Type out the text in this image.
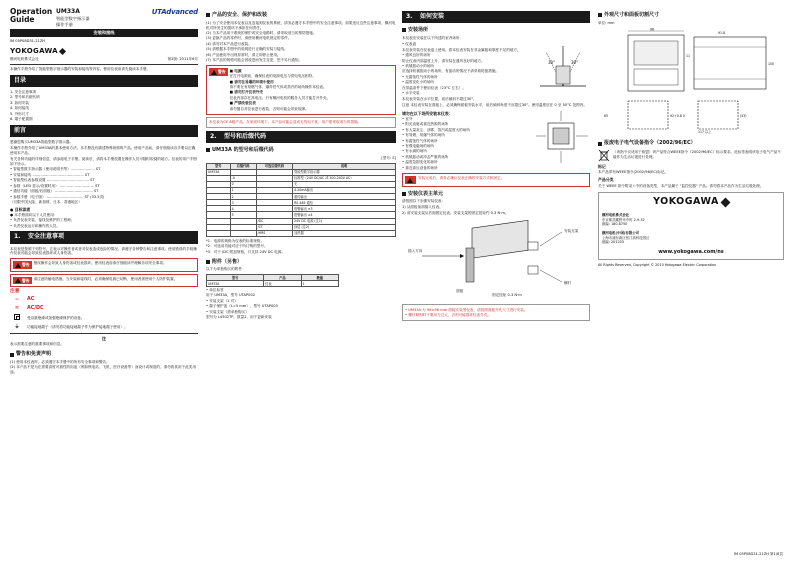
Operation Guide
UM33A
智能型数字指示器
操作手册
UTAdvanced
安装和接线
IM 05P08D31-21ZH
YOKOGAWA
横河电机株式会社	第2版: 2011年6月
本操作手册介绍了智能型数字指示器的安装和接线等内容。使用仪表前请先阅读本手册。
目录
1. 安全注意事项
2. 型号和后缀代码
3. 如何安装
4. 如何接线
5. 外形尺寸
6. 端子配置图
前言
感谢您购买UM33A智能型数字指示器。
本操作手册介绍了UM33A的基本使用方法。本手册没有描述特殊规格的产品。使用产品前，请仔细阅读各手册以正确使用本产品。
有关各种功能的详细信息，请参阅电子手册。阅读后，请将本手册放置在操作人员可随时取阅的地方。仪表的用户手册如下所示。
• 智能型数字指示器（使用说明书等）..................... ST
• 安装和接线 ............................................. ST
• 智能型仪表参数设置 ..................................... ST
• 参数（LED 显示/设置时用） .............................. ST
• 通信功能（面板/后面板） ................................. ST
• 参数手册（电子版） ................................ ST (33.3页)
（仅限中国大陆、新加坡、日本、香港地区）
● 目标读者
● 本手册面向以下人员使用：
• 负责仪表安装、接线及维护的工程师；
• 负责仪表运行和操作的人员。
1. 安全注意事项
本仪表是按照下列符号，它表示对操作者或者对仪表造成危险的情况。请遵守各种警告和注意事项。使用错误的手段操作仪表可能会导致仪表损坏或人身伤害。
警告	错误操作会导致人身伤害或仪表损坏。使用仪表前请仔细阅读并理解各项安全事项。
警告	请注意防触电措施。当安装和接线时，必须确保电源已切断，使用者需使用个人防护装置。
注意
~	AC
≂	AC/DC
受双重绝缘或加强绝缘保护的设备。
⏚	功能接地端子（请勿将功能接地端子作为保护接地端子使用）。
注
表示需要注意的重要事项和信息。
警告和免责声明
(1) 使用本仪表时，必须遵守本手册中的所有安全事项和警告。
(2) 本产品不是为在需要高度可靠性的用途（例如核电站、飞机、医疗设备等）而设计或制造的，请勿将其用于此类用途。
产品的安全、保护和改装
(1) 为了安全使用本仪表以及连接到仪表的系统，请务必遵守本手册中的安全注意事项。如果违反这些注意事项，横河电机对所发生的损坏不承担任何责任。
(2) 当本产品用于系统的保护或安全电路时，请采取适当的预防措施。
(3) 更换产品的零件时，请使用横河电机规定的零件。
(4) 请勿对本产品进行改装。
(5) 请根据本手册中的说明进行正确的安装与接线。
(6) 产品使用中出现异常时，请立即停止使用。
(7) 本产品的规格可能会因改进而发生变更，恕不另行通知。
警告	■ 电源
在打开电源前，确保仪表的电源电压与供电电压相符。
■ 请勿在易爆的环境中使用
请不要在有易燃气体、爆炸性气体或蒸汽的场所操作本仪表。
■ 请勿打开仪表外壳
仪表内部存在高电压。只有横河电机的服务人员才能打开外壳。
■ 严禁改装仪表
请勿擅自对仪表进行改装，否则可能会导致故障。
本仪表为CE A级产品。在家庭环境下，本产品可能会造成无线电干扰，用户需采取适当的措施。
2. 型号和后缀代码
UM33A 的型号和后缀代码
[型号: S]
型号	后缀代码	可选后缀代码	说明
UM33A			智能型数字指示器
	-0		标准型（24V DC/AC 或 100-240V AC）
	0		无
	1		4-20mA输出
	2		重传输出
	3		RS-485 通信
	4		报警输出 ×3
	5		报警输出 ×4
		/DC	24V DC 电源 (注1)
		/CT	涂层 (注2)
		/HRS	加热器
*1：电源的规格为仪表的标准规格。
*2：可选用功能对应于所订购的型号。
*3：对于 /DC 附加规格，只支持 24V DC 电源。
附件（另售）
以下为单独购买的附件：
型号	产品	数量
UM33A	仪表	1
• 单位标签
用于 UM33A，型号 UTAP002
• 安装支架（1 对）
• 端子保护盖（L=5 mm），型号 UTAP003
• 安装支架（需单独购买）
型号为 L4502TP，数量2，用于更新安装
3. 如何安装
安装场所
本仪表应安装在以下所述的室内场所：
• 仪表盘
本仪表安装在仪表盘上使用。将本仪表安装在非金属板和厚度不足的地方。
• 通风良好的场所
防止仪表内部温度上升，请安装在通风良好的地方。
• 机械振动小的场所
应选择机械振动小的场所，有振动的情况下请采取防振措施。
• 无腐蚀性气体的场所
• 温度变化小的场所
在常温条件下使用仪表（23°C 左右）。
• 水平安装
本仪表安装在水平位置，前后倾斜不超过30°。
30°	30°
注意 本仪表安装在面板上，必须确保面板安装水平，前后倾斜角度不应超过30°。使用温度应在 0 至 50°C 范围内。
请勿在以下场所安装本仪表：
• 室外
• 阳光直射或靠近热源的场所
• 有大量灰尘、油雾、蒸汽或湿度大的场所
• 有易燃、易爆气体的场所
• 有腐蚀性气体的场所
• 有强电磁场的场所
• 有水滴的场所
• 机械振动或冲击严重的场所
• 温度急剧变化的场所
• 靠近高压设备的场所
安装完成后，请务必确认仪表正确的安装方式和固定。
安装仪表主单元
请按照以下步骤安装仪表：
1) 从面板前面插入仪表。
2) 用安装支架从后面固定仪表。安装支架的固定扭矩约 0.3 N·m。
插入方向
安装支架
螺钉
面板
固定扭矩 0.3 N·m
• UM33A 为 96×96 mm 面板安装型仪表，请按照面板开孔尺寸进行安装。
• 螺钉紧固时不要用力过大，否则可能损坏仪表外壳。
外观尺寸和面板切割尺寸
单位: mm
96
91.8
100
11
65	92+0.8 0	(53)
117 以上
报废电子电气设备指令（2002/96/EC）
（该指令仅适用于欧盟）该产品符合WEEE指令（2002/96/EC）标示要求。此标签表明该电子电气产品不能作为生活垃圾进行处理。
标记
本产品带有WEEE指令(2002/96/EC)标记。
产品分类
关于 WEEE 指令附录 I 中的设备类型，本产品属于 "监控仪器" 产品。请勿将本产品作为生活垃圾处理。
YOKOGAWA
横河电机株式会社
东京都武藏野市中町 2-9-32
邮编: 180-8750
横河电机(中国)有限公司
上海市浦东新区张江高科技园区
邮编: 201203
www.yokogawa.com/ns
All Rights Reserved, Copyright © 2010 Yokogawa Electric Corporation
IM 05P08D31-21ZH 第1/8页
